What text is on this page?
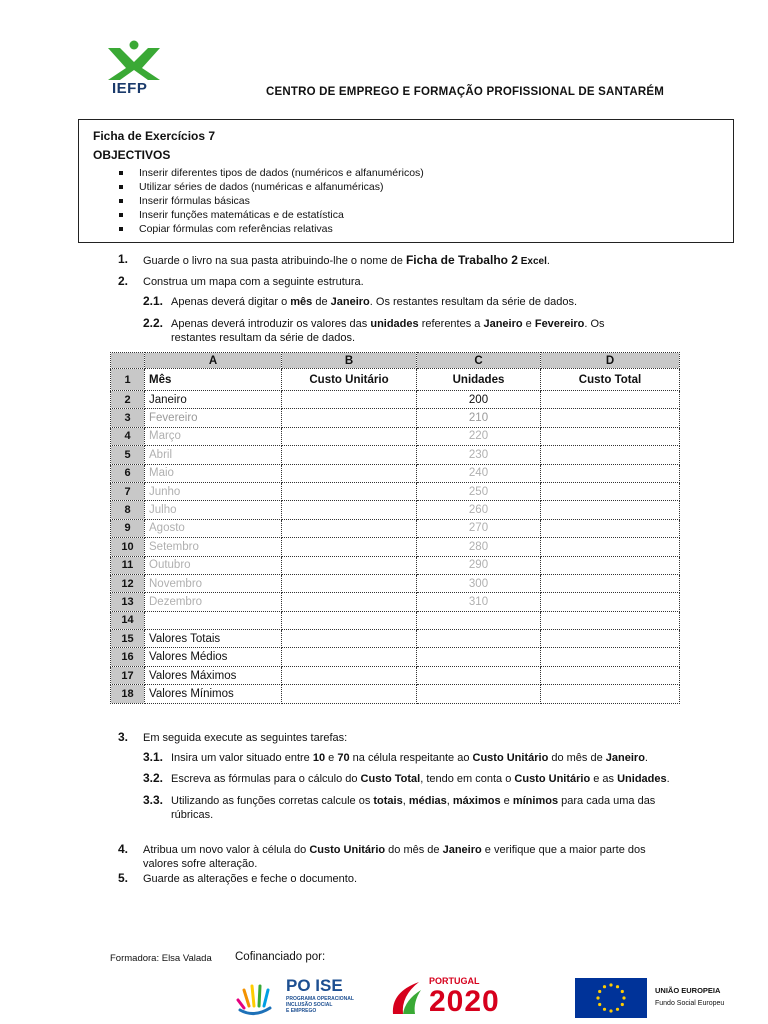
IEFP	CENTRO DE EMPREGO E FORMAÇÃO PROFISSIONAL DE SANTARÉM
Ficha de Exercícios 7
OBJECTIVOS
Inserir diferentes tipos de dados (numéricos e alfanuméricos)
Utilizar séries de dados (numéricas e alfanuméricas)
Inserir fórmulas básicas
Inserir funções matemáticas e de estatística
Copiar fórmulas com referências relativas
1. Guarde o livro na sua pasta atribuindo-lhe o nome de Ficha de Trabalho 2 Excel.
2. Construa um mapa com a seguinte estrutura.
2.1. Apenas deverá digitar o mês de Janeiro. Os restantes resultam da série de dados.
2.2. Apenas deverá introduzir os valores das unidades referentes a Janeiro e Fevereiro. Os
restantes resultam da série de dados.
	A	B	C	D
1	Mês	Custo Unitário	Unidades	Custo Total
2	Janeiro		200	
3	Fevereiro		210	
4	Março		220	
5	Abril		230	
6	Maio		240	
7	Junho		250	
8	Julho		260	
9	Agosto		270	
10	Setembro		280	
11	Outubro		290	
12	Novembro		300	
13	Dezembro		310	
14				
15	Valores Totais			
16	Valores Médios			
17	Valores Máximos			
18	Valores Mínimos			
3. Em seguida execute as seguintes tarefas:
3.1. Insira um valor situado entre 10 e 70 na célula respeitante ao Custo Unitário do mês de Janeiro.
3.2. Escreva as fórmulas para o cálculo do Custo Total, tendo em conta o Custo Unitário e as Unidades.
3.3. Utilizando as funções corretas calcule os totais, médias, máximos e mínimos para cada uma das
rúbricas.
4. Atribua um novo valor à célula do Custo Unitário do mês de Janeiro e verifique que a maior parte dos
valores sofre alteração.
5. Guarde as alterações e feche o documento.
Formadora: Elsa Valada Cofinanciado por:
PO ISE
PROGRAMA OPERACIONAL
INCLUSÃO SOCIAL
E EMPREGO
PORTUGAL
2020	UNIÃO EUROPEIA
Fundo Social Europeu
